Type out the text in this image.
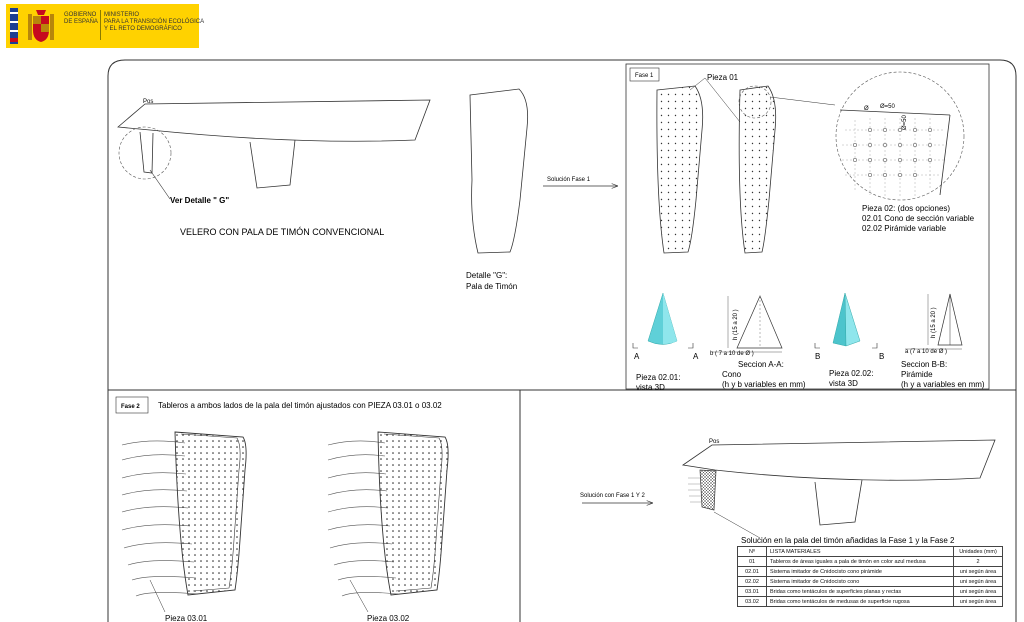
GOBIERNO
DE ESPAÑA
MINISTERIO
PARA LA TRANSICIÓN ECOLÓGICA
Y EL RETO DEMOGRÁFICO
Pos
Ver Detalle " G"
VELERO CON PALA DE TIMÓN CONVENCIONAL
Detalle "G":
Pala de Timón
Solución Fase 1
Fase 1	Pieza 01
Ø Ø=50
Ø=50
Pieza 02: (dos opciones)
02.01 Cono de sección variable
02.02 Pirámide variable
A	A
Pieza 02.01:
vista 3D
h (15 a 20 )
b ( 7 a 10 de Ø )
Seccion A-A:
Cono
(h y b variables en mm)
B	B
Pieza 02.02:
vista 3D
h (15 a 20 )
a (7 a 10 de Ø )
Seccion B-B:
Pirámide
(h y a variables en mm)
Fase 2 Tableros a ambos lados de la pala del timón ajustados con PIEZA 03.01 o 03.02
Pieza 03.01	Pieza 03.02
Solución con Fase 1 Y 2
Pos
Solución en la pala del timón añadidas la Fase 1 y la Fase 2
Nº	LISTA MATERIALES	Unidades (mm)
01	Tableros de áreas iguales a pala de timón en color azul medusa	2
02.01	Sistema imitador de Cnidocisto cono pirámide	uni según área
02.02	Sistema imitador de Cnidocisto cono	uni según área
03.01	Bridas como tentáculos de superficies planas y rectas	uni según área
03.02	Bridas como tentáculos de medusas de superficie rugosa	uni según área
